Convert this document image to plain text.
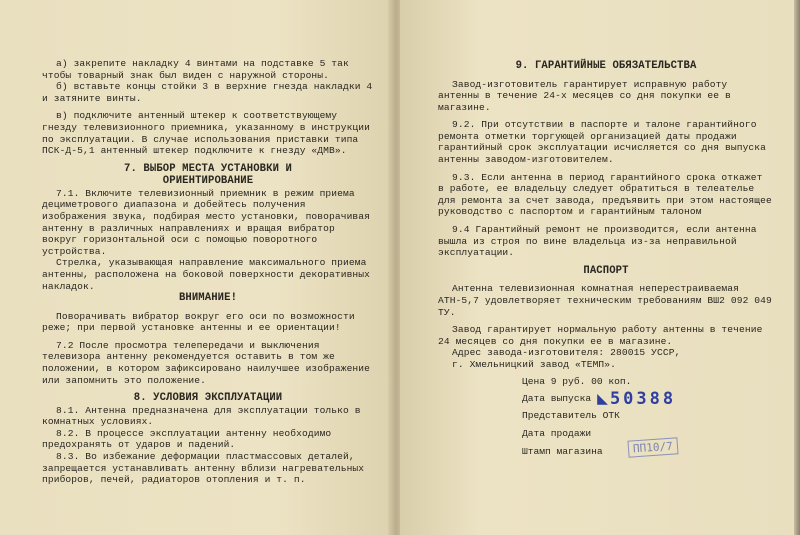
а) закрепите накладку 4 винтами на подставке 5 так чтобы товарный знак был виден с наружной стороны.

б) вставьте концы стойки 3 в верхние гнезда накладки 4 и затяните винты.

в) подключите антенный штекер к соответствующему гнезду телевизионного приемника, указанному в инструкции по эксплуатации. В случае использования приставки типа ПСК-Д-5,1 антенный штекер подключите к гнезду «ДМВ».

7. ВЫБОР МЕСТА УСТАНОВКИ И
ОРИЕНТИРОВАНИЕ

7.1. Включите телевизионный приемник в режим приема дециметрового диапазона и добейтесь получения изображения звука, подбирая место установки, поворачивая антенну в различных направлениях и вращая вибратор вокруг горизонтальной оси с помощью поворотного устройства.

Стрелка, указывающая направление максимального приема антенны, расположена на боковой поверхности декоративных накладок.

ВНИМАНИЕ!

Поворачивать вибратор вокруг его оси по возможности реже; при первой установке антенны и ее ориентации!

7.2 После просмотра телепередачи и выключения телевизора антенну рекомендуется оставить в том же положении, в котором зафиксировано наилучшее изображение или запомнить это положение.

8. УСЛОВИЯ ЭКСПЛУАТАЦИИ

8.1. Антенна предназначена для эксплуатации только в комнатных условиях.

8.2. В процессе эксплуатации антенну необходимо предохранять от ударов и падений.

8.3. Во избежание деформации пластмассовых деталей, запрещается устанавливать антенну вблизи нагревательных приборов, печей, радиаторов отопления и т. п.

9. ГАРАНТИЙНЫЕ ОБЯЗАТЕЛЬСТВА

Завод-изготовитель гарантирует исправную работу антенны в течение 24-х месяцев со дня покупки ее в магазине.

9.2. При отсутствии в паспорте и талоне гарантийного ремонта отметки торгующей организацией даты продажи гарантийный срок эксплуатации исчисляется со дня выпуска антенны заводом-изготовителем.

9.3. Если антенна в период гарантийного срока откажет в работе, ее владельцу следует обратиться в телеателье для ремонта за счет завода, предъявить при этом настоящее руководство с паспортом и гарантийным талоном

9.4 Гарантийный ремонт не производится, если антенна вышла из строя по вине владельца из-за неправильной эксплуатации.

ПАСПОРТ

Антенна телевизионная комнатная неперестраиваемая АТН-5,7 удовлетворяет техническим требованиям ВШ2 092 049 ТУ.

Завод гарантирует нормальную работу антенны в течение 24 месяцев со дня покупки ее в магазине.

Адрес завода-изготовителя: 280015 УССР,

г. Хмельницкий завод «ТЕМП».

Цена 9 руб. 00 коп.
Дата выпуска ◣ 50388
Представитель ОТК
Дата продажи
Штамп магазина	ПП10/7
